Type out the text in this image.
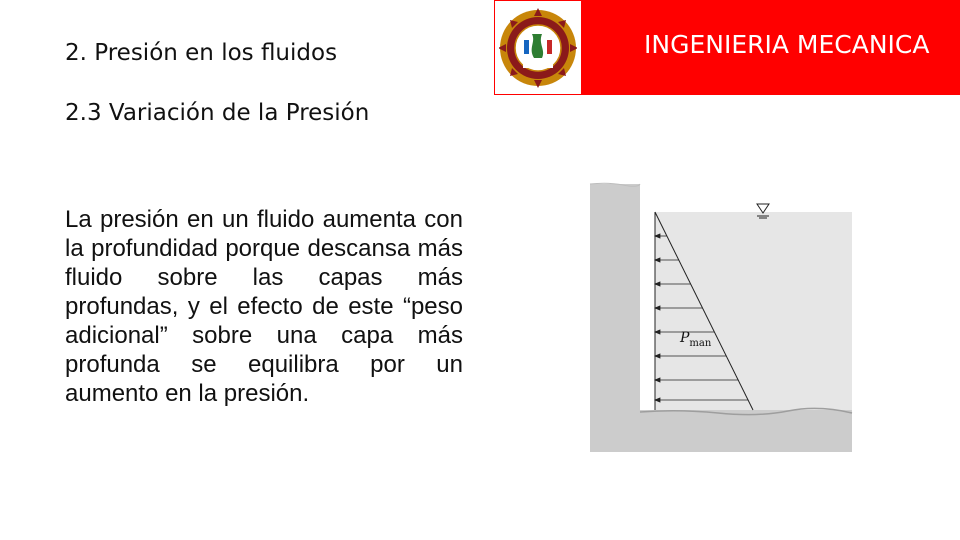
2. Presión en los fluidos
2.3 Variación de la Presión

La presión en un fluido aumenta con la profundidad porque descansa más fluido sobre las capas más profundas, y el efecto de este “peso adicional” sobre una capa más profunda se equilibra por un aumento en la presión.

INGENIERIA MECANICA
$P_{man}$
